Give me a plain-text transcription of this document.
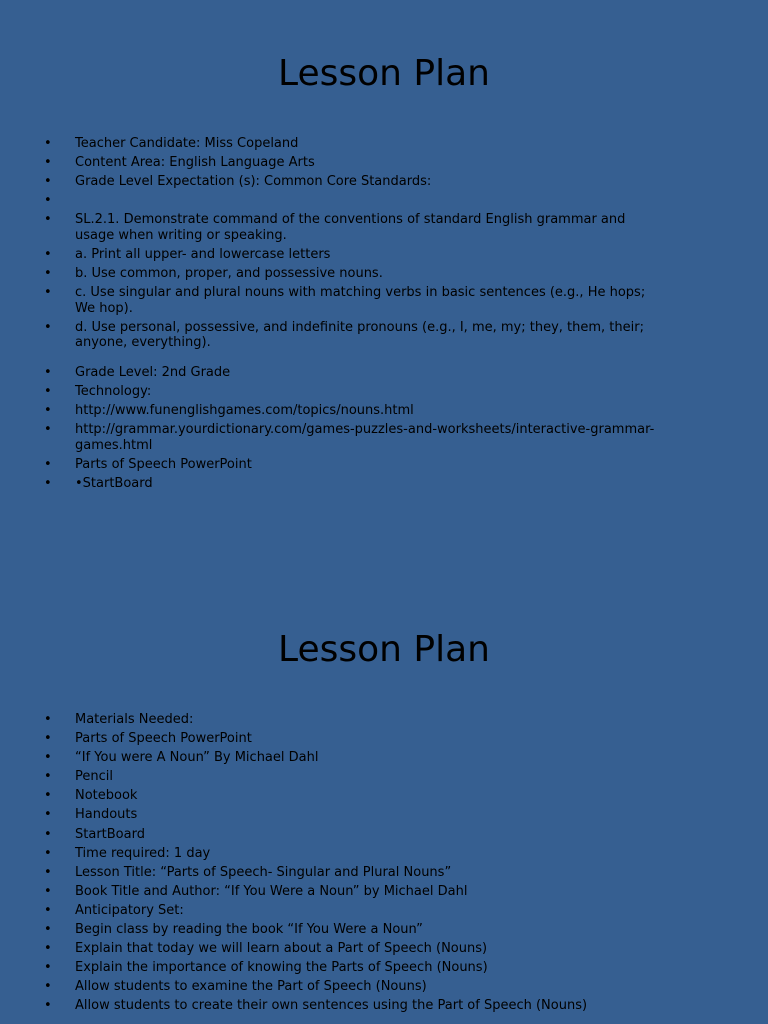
Lesson Plan
• Teacher Candidate: Miss Copeland
• Content Area: English Language Arts
• Grade Level Expectation (s): Common Core Standards:
•

• SL.2.1. Demonstrate command of the conventions of standard English grammar and usage when writing or speaking.
• a. Print all upper- and lowercase letters
• b. Use common, proper, and possessive nouns.
• c. Use singular and plural nouns with matching verbs in basic sentences (e.g., He hops; We hop).
• d. Use personal, possessive, and indefinite pronouns (e.g., I, me, my; they, them, their; anyone, everything).
• Grade Level: 2nd Grade
• Technology:
• http://www.funenglishgames.com/topics/nouns.html
• http://grammar.yourdictionary.com/games-puzzles-and-worksheets/interactive-grammar-games.html
• Parts of Speech PowerPoint
• •StartBoard
Lesson Plan
• Materials Needed:
• Parts of Speech PowerPoint
• “If You were A Noun” By Michael Dahl
• Pencil
• Notebook
• Handouts
• StartBoard
• Time required: 1 day
• Lesson Title: “Parts of Speech- Singular and Plural Nouns”
• Book Title and Author: “If You Were a Noun” by Michael Dahl
• Anticipatory Set:
• Begin class by reading the book “If You Were a Noun”
• Explain that today we will learn about a Part of Speech (Nouns)
• Explain the importance of knowing the Parts of Speech (Nouns)
• Allow students to examine the Part of Speech (Nouns)
• Allow students to create their own sentences using the Part of Speech (Nouns)
